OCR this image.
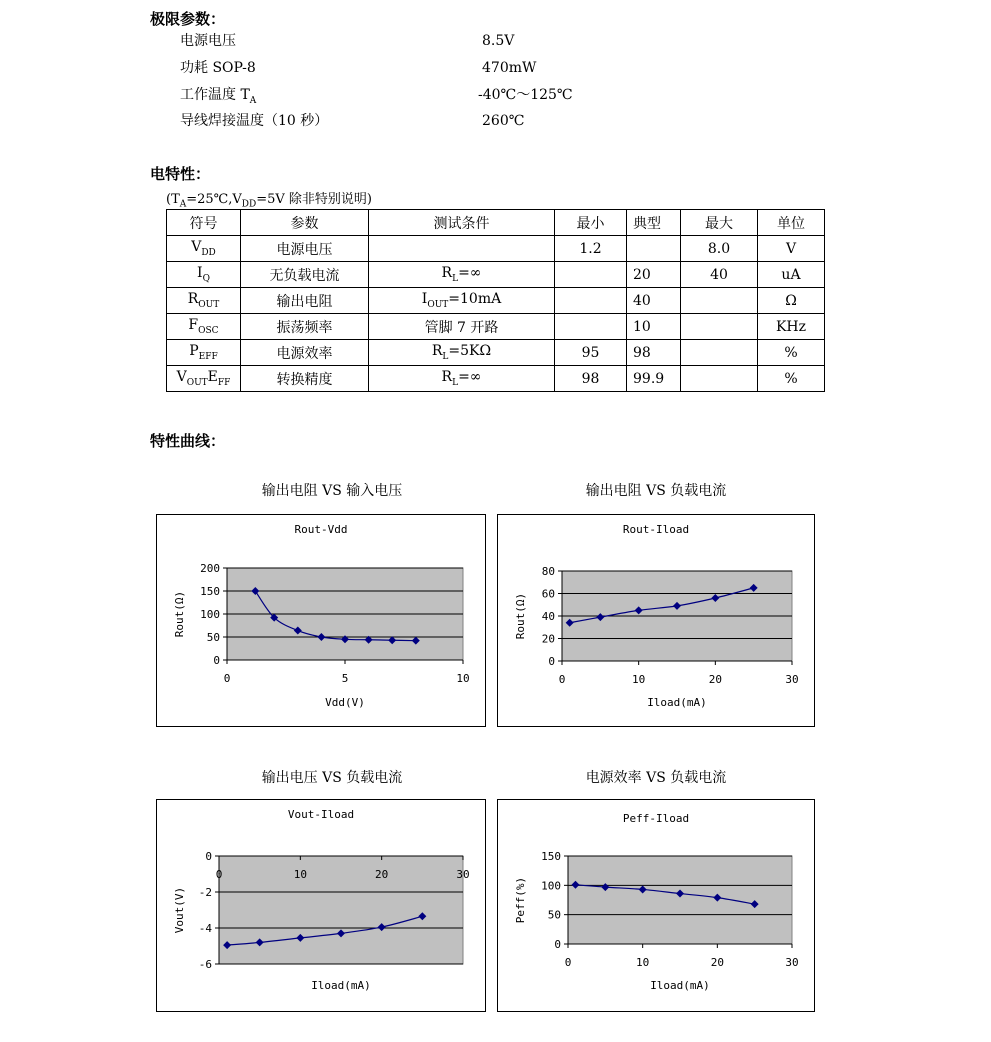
极限参数：
电源电压	8.5V
功耗 SOP-8	470mW
工作温度 $T_A$	-40℃～125℃
导线焊接温度（10 秒）	260℃
电特性：
($T_A=25℃,V_{DD}=5V$ 除非特别说明)
符号	参数	测试条件	最小	典型	最大	单位
$V_{DD}$	电源电压		1.2		8.0	V
$I_Q$	无负载电流	$R_L=\infty$		20	40	uA
$R_{OUT}$	输出电阻	$I_{OUT}=10mA$		40		Ω
$F_{OSC}$	振荡频率	管脚 7 开路		10		KHz
$P_{EFF}$	电源效率	$R_L=5K\Omega$	95	98		%
$V_{OUT}E_{FF}$	转换精度	$R_L=\infty$	98	99.9		%
特性曲线：
输出电阻 VS 输入电压	输出电阻 VS 负载电流
输出电压 VS 负载电流	电源效率 VS 负载电流
Rout-Vdd
0
50
100
150
200
0	5	10
Vdd(V)
Rout(Ω)
Rout-Iload
0
20
40
60
80
0	10	20	30
Iload(mA)
Rout(Ω)
Vout-Iload
-6
-4
-2
0
0	10	20	30
Iload(mA)
Vout(V)
Peff-Iload
0
50
100
150
0	10	20	30
Iload(mA)
Peff(%)
